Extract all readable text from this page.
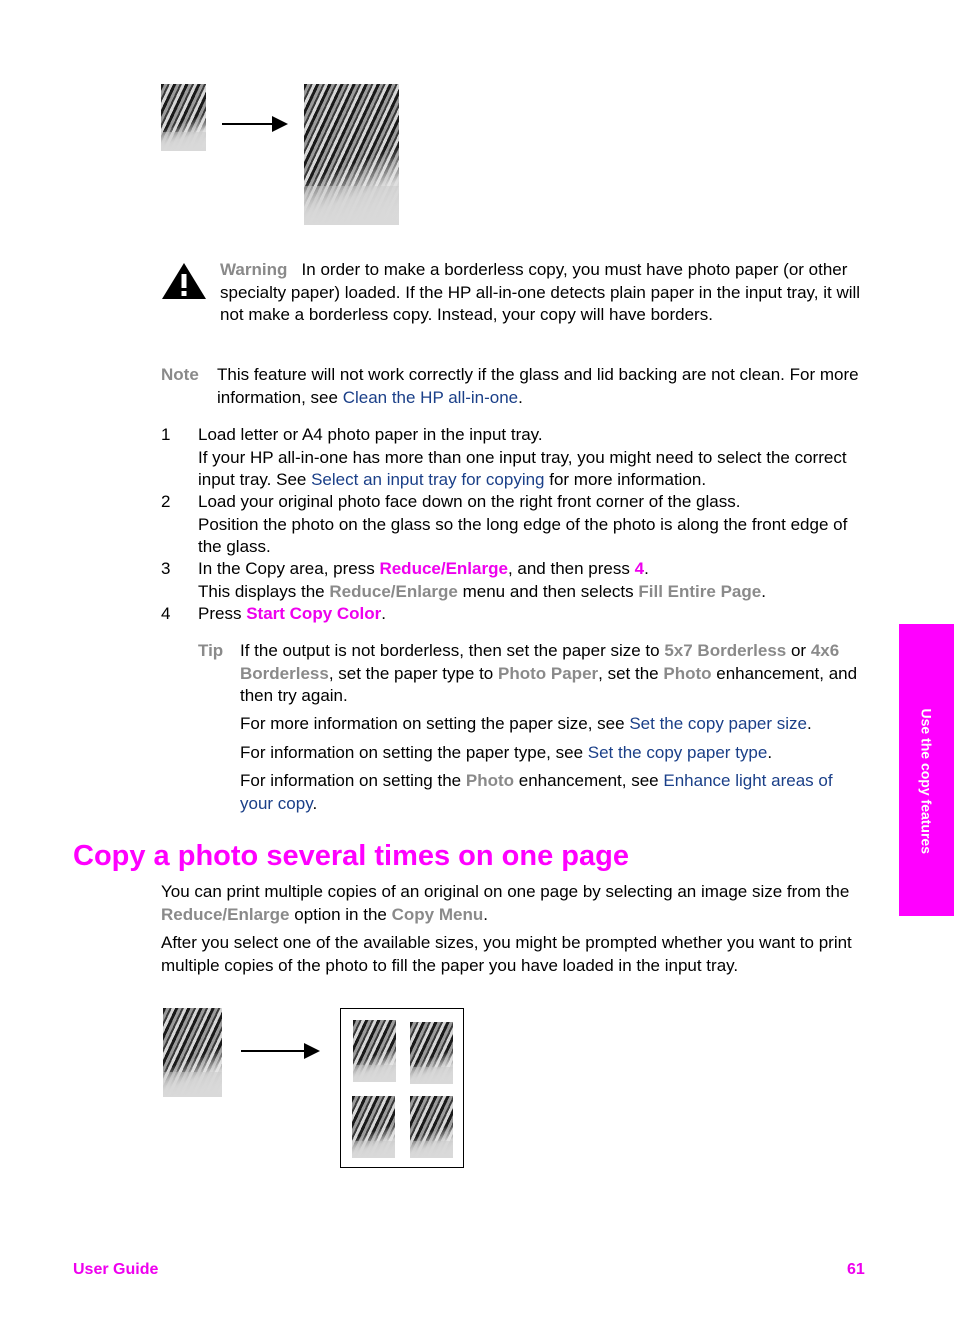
Warning In order to make a borderless copy, you must have photo paper (or other specialty paper) loaded. If the HP all-in-one detects plain paper in the input tray, it will not make a borderless copy. Instead, your copy will have borders.
Note This feature will not work correctly if the glass and lid backing are not clean. For more information, see Clean the HP all-in-one.
1 Load letter or A4 photo paper in the input tray.
If your HP all-in-one has more than one input tray, you might need to select the correct input tray. See Select an input tray for copying for more information.
2 Load your original photo face down on the right front corner of the glass.
Position the photo on the glass so the long edge of the photo is along the front edge of the glass.
3 In the Copy area, press Reduce/Enlarge, and then press 4.
This displays the Reduce/Enlarge menu and then selects Fill Entire Page.
4 Press Start Copy Color.
Tip If the output is not borderless, then set the paper size to 5x7 Borderless or 4x6 Borderless, set the paper type to Photo Paper, set the Photo enhancement, and then try again.
For more information on setting the paper size, see Set the copy paper size.
For information on setting the paper type, see Set the copy paper type.
For information on setting the Photo enhancement, see Enhance light areas of your copy.
Copy a photo several times on one page
You can print multiple copies of an original on one page by selecting an image size from the Reduce/Enlarge option in the Copy Menu.
After you select one of the available sizes, you might be prompted whether you want to print multiple copies of the photo to fill the paper you have loaded in the input tray.
Use the copy features
User Guide	61
